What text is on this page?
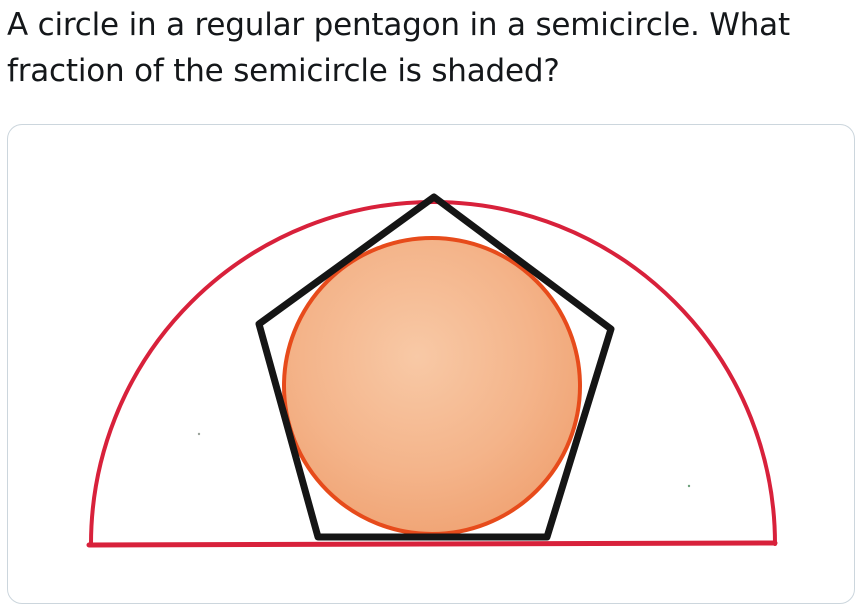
A circle in a regular pentagon in a semicircle. What
fraction of the semicircle is shaded?
